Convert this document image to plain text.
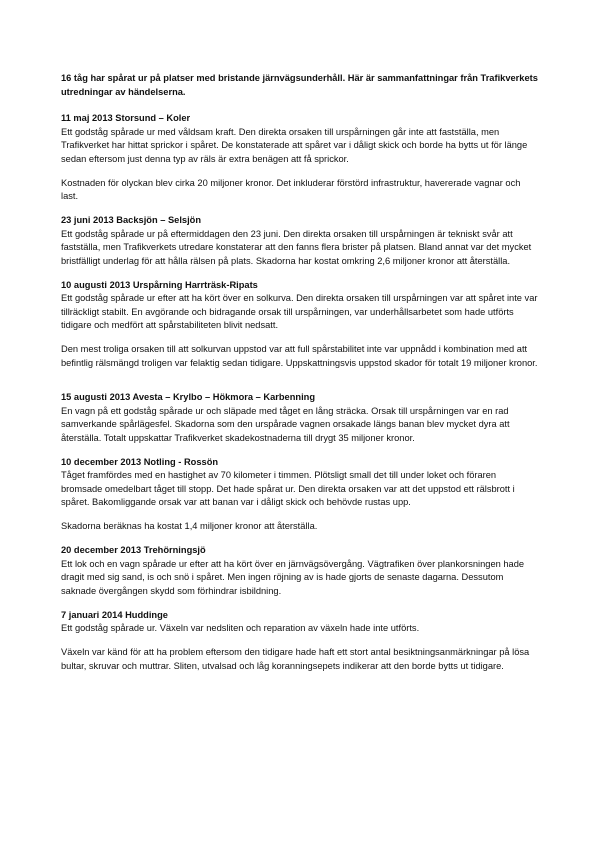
16 tåg har spårat ur på platser med bristande järnvägsunderhåll. Här är sammanfattningar från Trafikverkets utredningar av händelserna.

11 maj 2013 Storsund – Koler

Ett godståg spårade ur med våldsam kraft. Den direkta orsaken till urspårningen går inte att fastställa, men Trafikverket har hittat sprickor i spåret. De konstaterade att spåret var i dåligt skick och borde ha bytts ut för länge sedan eftersom just denna typ av räls är extra benägen att få sprickor.

Kostnaden för olyckan blev cirka 20 miljoner kronor. Det inkluderar förstörd infrastruktur, havererade vagnar och last.

23 juni 2013 Backsjön – Selsjön

Ett godståg spårade ur på eftermiddagen den 23 juni. Den direkta orsaken till urspårningen är tekniskt svår att fastställa, men Trafikverkets utredare konstaterar att den fanns flera brister på platsen. Bland annat var det mycket bristfälligt underlag för att hålla rälsen på plats. Skadorna har kostat omkring 2,6 miljoner kronor att återställa.

10 augusti 2013 Urspårning Harrträsk-Ripats

Ett godståg spårade ur efter att ha kört över en solkurva. Den direkta orsaken till urspårningen var att spåret inte var tillräckligt stabilt. En avgörande och bidragande orsak till urspårningen, var underhållsarbetet som hade utförts tidigare och medfört att spårstabiliteten blivit nedsatt.

Den mest troliga orsaken till att solkurvan uppstod var att full spårstabilitet inte var uppnådd i kombination med att befintlig rälsmängd troligen var felaktig sedan tidigare. Uppskattningsvis uppstod skador för totalt 19 miljoner kronor.

15 augusti 2013 Avesta – Krylbo – Hökmora – Karbenning

En vagn på ett godståg spårade ur och släpade med tåget en lång sträcka. Orsak till urspårningen var en rad samverkande spårlägesfel. Skadorna som den urspårade vagnen orsakade längs banan blev mycket dyra att återställa. Totalt uppskattar Trafikverket skadekostnaderna till drygt 35 miljoner kronor.

10 december 2013 Notling - Rossön

Tåget framfördes med en hastighet av 70 kilometer i timmen. Plötsligt small det till under loket och föraren bromsade omedelbart tåget till stopp. Det hade spårat ur. Den direkta orsaken var att det uppstod ett rälsbrott i spåret. Bakomliggande orsak var att banan var i dåligt skick och behövde rustas upp.

Skadorna beräknas ha kostat 1,4 miljoner kronor att återställa.

20 december 2013 Trehörningsjö

Ett lok och en vagn spårade ur efter att ha kört över en järnvägsövergång. Vägtrafiken över plankorsningen hade dragit med sig sand, is och snö i spåret. Men ingen röjning av is hade gjorts de senaste dagarna. Dessutom saknade övergången skydd som förhindrar isbildning.

7 januari 2014 Huddinge

Ett godståg spårade ur. Växeln var nedsliten och reparation av växeln hade inte utförts.

Växeln var känd för att ha problem eftersom den tidigare hade haft ett stort antal besiktningsanmärkningar på lösa bultar, skruvar och muttrar. Sliten, utvalsad och låg koranningsepets indikerar att den borde bytts ut tidigare.
